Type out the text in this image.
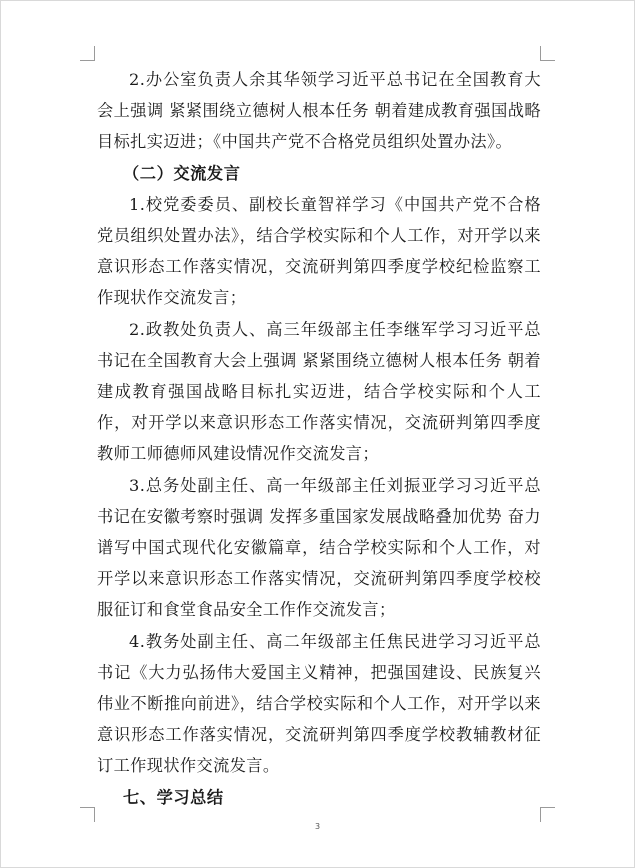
2.办公室负责人余其华领学习近平总书记在全国教育大会上强调 紧紧围绕立德树人根本任务 朝着建成教育强国战略目标扎实迈进；《中国共产党不合格党员组织处置办法》。

（二）交流发言

1.校党委委员、副校长童智祥学习《中国共产党不合格党员组织处置办法》，结合学校实际和个人工作，对开学以来意识形态工作落实情况，交流研判第四季度学校纪检监察工作现状作交流发言；

2.政教处负责人、高三年级部主任李继军学习习近平总书记在全国教育大会上强调 紧紧围绕立德树人根本任务 朝着建成教育强国战略目标扎实迈进，结合学校实际和个人工作，对开学以来意识形态工作落实情况，交流研判第四季度教师工师德师风建设情况作交流发言；

3.总务处副主任、高一年级部主任刘振亚学习习近平总书记在安徽考察时强调 发挥多重国家发展战略叠加优势 奋力谱写中国式现代化安徽篇章，结合学校实际和个人工作，对开学以来意识形态工作落实情况，交流研判第四季度学校校服征订和食堂食品安全工作作交流发言；

4.教务处副主任、高二年级部主任焦民进学习习近平总书记《大力弘扬伟大爱国主义精神，把强国建设、民族复兴伟业不断推向前进》，结合学校实际和个人工作，对开学以来意识形态工作落实情况，交流研判第四季度学校教辅教材征订工作现状作交流发言。

七、学习总结

3
